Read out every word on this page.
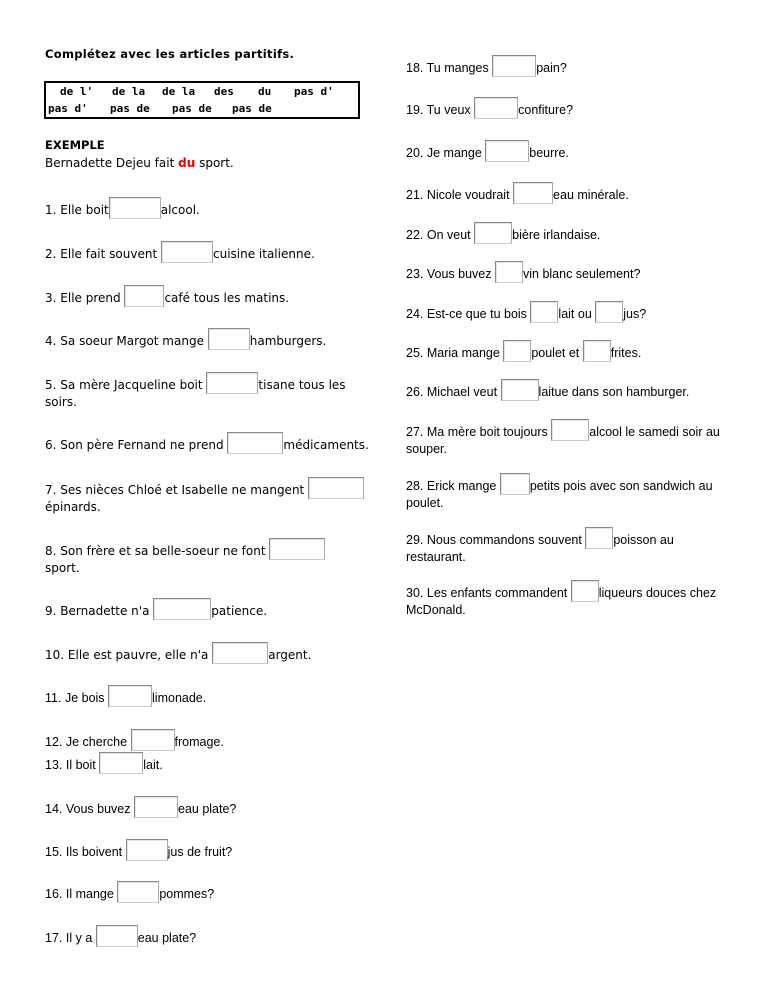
Complétez avec les articles partitifs.
de l' de la de la des du pas d'
pas d' pas de pas de pas de
EXEMPLE
Bernadette Dejeu fait du sport.
1. Elle boit	alcool.
2. Elle fait souvent	cuisine italienne.
3. Elle prend	café tous les matins.
4. Sa soeur Margot mange	hamburgers.
5. Sa mère Jacqueline boit	tisane tous les
soirs.
6. Son père Fernand ne prend	médicaments.
7. Ses nièces Chloé et Isabelle ne mangent
épinards.
8. Son frère et sa belle-soeur ne font
sport.
9. Bernadette n'a	patience.
10. Elle est pauvre, elle n'a	argent.
11. Je bois	limonade.
12. Je cherche	fromage.
13. Il boit	lait.
14. Vous buvez	eau plate?
15. Ils boivent	jus de fruit?
16. Il mange	pommes?
17. Il y a	eau plate?
18. Tu manges	pain?
19. Tu veux	confiture?
20. Je mange	beurre.
21. Nicole voudrait	eau minérale.
22. On veut	bière irlandaise.
23. Vous buvez	vin blanc seulement?
24. Est-ce que tu bois	lait ou	jus?
25. Maria mange	poulet et	frites.
26. Michael veut	laitue dans son hamburger.
27. Ma mère boit toujours	alcool le samedi soir au
souper.
28. Erick mange	petits pois avec son sandwich au
poulet.
29. Nous commandons souvent	poisson au
restaurant.
30. Les enfants commandent	liqueurs douces chez
McDonald.
